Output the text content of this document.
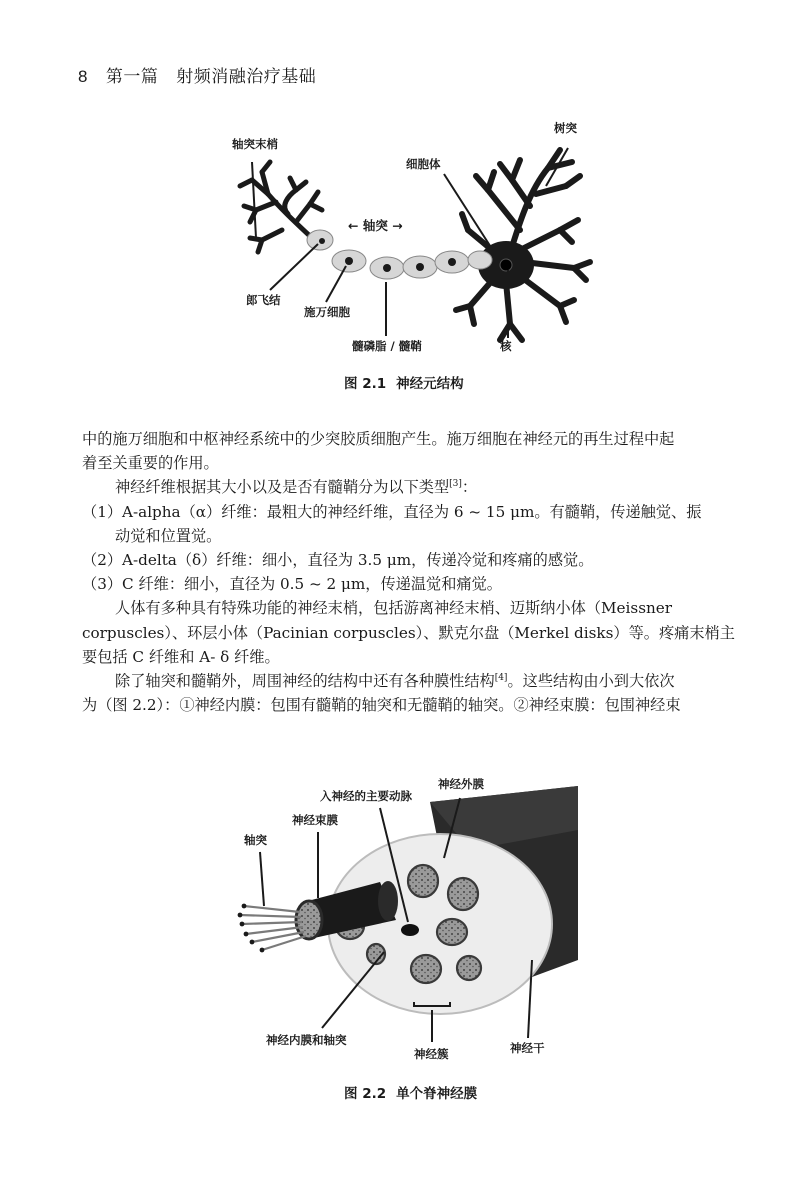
8 第一篇 射频消融治疗基础
轴突末梢
树突
细胞体
← 轴突 →
郎飞结
施万细胞
髓磷脂 / 髓鞘	核
图 2.1 神经元结构
中的施万细胞和中枢神经系统中的少突胶质细胞产生。施万细胞在神经元的再生过程中起
着至关重要的作用。
神经纤维根据其大小以及是否有髓鞘分为以下类型[3]：
（1）A-alpha（α）纤维：最粗大的神经纤维，直径为 6 ~ 15 μm。有髓鞘，传递触觉、振
动觉和位置觉。
（2）A-delta（δ）纤维：细小，直径为 3.5 μm，传递冷觉和疼痛的感觉。
（3）C 纤维：细小，直径为 0.5 ~ 2 μm，传递温觉和痛觉。
人体有多种具有特殊功能的神经末梢，包括游离神经末梢、迈斯纳小体（Meissner
corpuscles）、环层小体（Pacinian corpuscles）、默克尔盘（Merkel disks）等。疼痛末梢主
要包括 C 纤维和 A- δ 纤维。
除了轴突和髓鞘外，周围神经的结构中还有各种膜性结构[4]。这些结构由小到大依次
为（图 2.2）：①神经内膜：包围有髓鞘的轴突和无髓鞘的轴突。②神经束膜：包围神经束
入神经的主要动脉
神经外膜
神经束膜
轴突
神经内膜和轴突
神经簇	神经干
图 2.2 单个脊神经膜
